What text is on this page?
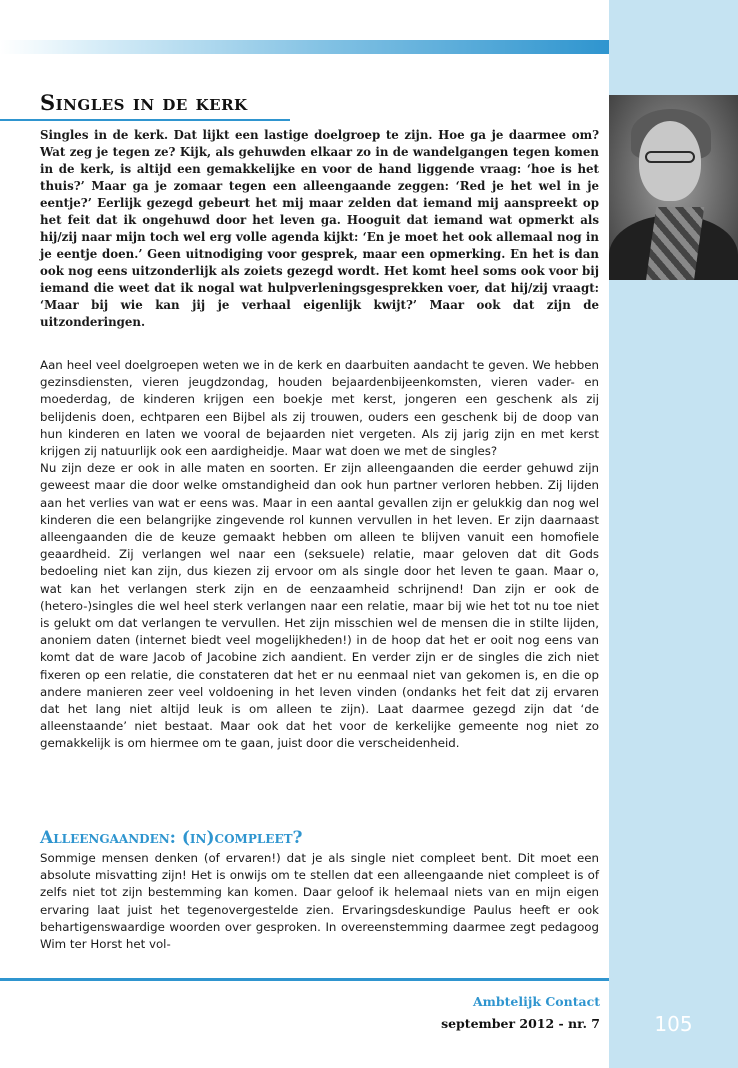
Singles in de kerk

Singles in de kerk. Dat lijkt een lastige doelgroep te zijn. Hoe ga je daarmee om? Wat zeg je tegen ze? Kijk, als gehuwden elkaar zo in de wandelgangen tegen komen in de kerk, is altijd een gemakkelijke en voor de hand liggende vraag: ‘hoe is het thuis?’ Maar ga je zomaar tegen een alleengaande zeggen: ‘Red je het wel in je eentje?’ Eerlijk gezegd gebeurt het mij maar zelden dat iemand mij aanspreekt op het feit dat ik ongehuwd door het leven ga. Hooguit dat iemand wat opmerkt als hij/zij naar mijn toch wel erg volle agenda kijkt: ‘En je moet het ook allemaal nog in je eentje doen.’ Geen uitnodiging voor gesprek, maar een opmerking. En het is dan ook nog eens uitzonderlijk als zoiets gezegd wordt. Het komt heel soms ook voor bij iemand die weet dat ik nogal wat hulpverleningsgesprekken voer, dat hij/zij vraagt: ‘Maar bij wie kan jij je verhaal eigenlijk kwijt?’ Maar ook dat zijn de uitzonderingen.

Aan heel veel doelgroepen weten we in de kerk en daarbuiten aandacht te geven. We hebben gezinsdiensten, vieren jeugdzondag, houden bejaardenbijeenkomsten, vieren vader- en moederdag, de kinderen krijgen een boekje met kerst, jongeren een geschenk als zij belijdenis doen, echtparen een Bijbel als zij trouwen, ouders een geschenk bij de doop van hun kinderen en laten we vooral de bejaarden niet vergeten. Als zij jarig zijn en met kerst krijgen zij natuurlijk ook een aardigheidje. Maar wat doen we met de singles?

Nu zijn deze er ook in alle maten en soorten. Er zijn alleengaanden die eerder gehuwd zijn geweest maar die door welke omstandigheid dan ook hun partner verloren hebben. Zij lijden aan het verlies van wat er eens was. Maar in een aantal gevallen zijn er gelukkig dan nog wel kinderen die een belangrijke zingevende rol kunnen vervullen in het leven. Er zijn daarnaast alleengaanden die de keuze gemaakt hebben om alleen te blijven vanuit een homofiele geaardheid. Zij verlangen wel naar een (seksuele) relatie, maar geloven dat dit Gods bedoeling niet kan zijn, dus kiezen zij ervoor om als single door het leven te gaan. Maar o, wat kan het verlangen sterk zijn en de eenzaamheid schrijnend! Dan zijn er ook de (hetero-)singles die wel heel sterk verlangen naar een relatie, maar bij wie het tot nu toe niet is gelukt om dat verlangen te vervullen. Het zijn misschien wel de mensen die in stilte lijden, anoniem daten (internet biedt veel mogelijkheden!) in de hoop dat het er ooit nog eens van komt dat de ware Jacob of Jacobine zich aandient. En verder zijn er de singles die zich niet fixeren op een relatie, die constateren dat het er nu eenmaal niet van gekomen is, en die op andere manieren zeer veel voldoening in het leven vinden (ondanks het feit dat zij ervaren dat het lang niet altijd leuk is om alleen te zijn). Laat daarmee gezegd zijn dat ‘de alleenstaande’ niet bestaat. Maar ook dat het voor de kerkelijke gemeente nog niet zo gemakkelijk is om hiermee om te gaan, juist door die verscheidenheid.

Alleengaanden: (in)compleet?

Sommige mensen denken (of ervaren!) dat je als single niet compleet bent. Dit moet een absolute misvatting zijn! Het is onwijs om te stellen dat een alleengaande niet compleet is of zelfs niet tot zijn bestemming kan komen. Daar geloof ik helemaal niets van en mijn eigen ervaring laat juist het tegenovergestelde zien. Ervaringsdeskundige Paulus heeft er ook behartigenswaardige woorden over gesproken. In overeenstemming daarmee zegt pedagoog Wim ter Horst het vol-

Ambtelijk Contact

september 2012 - nr. 7	105
